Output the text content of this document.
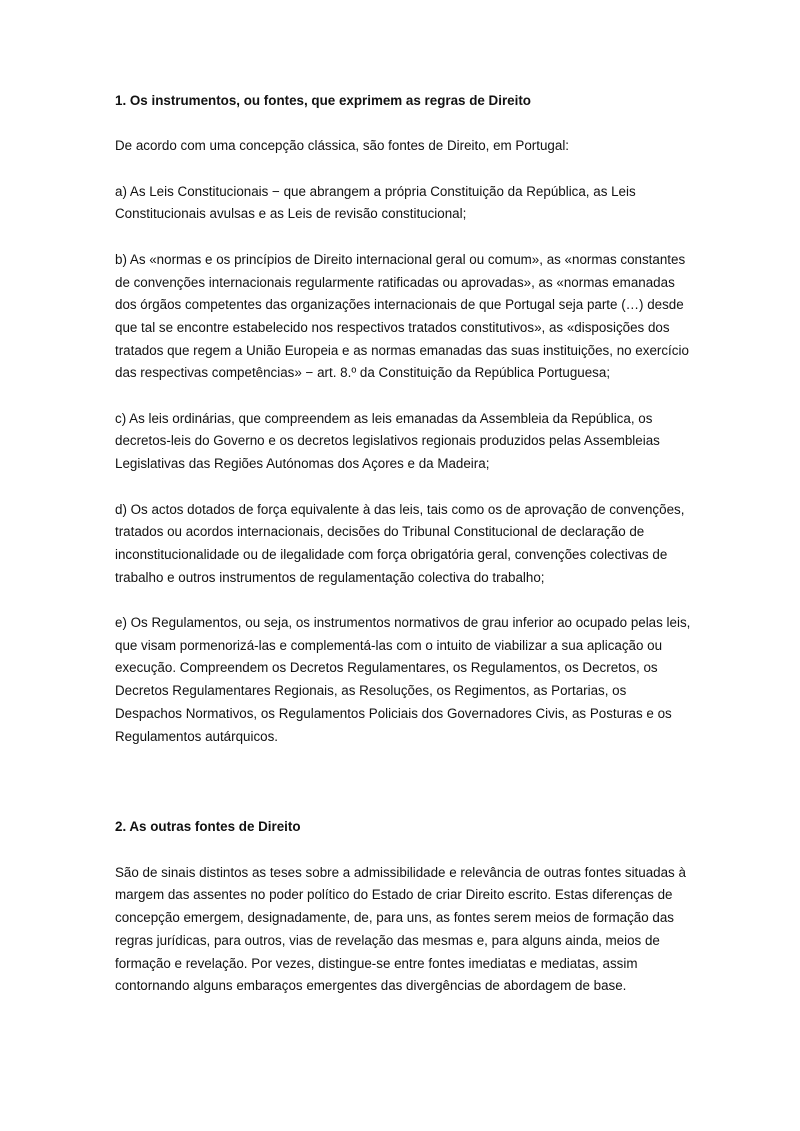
1. Os instrumentos, ou fontes, que exprimem as regras de Direito

De acordo com uma concepção clássica, são fontes de Direito, em Portugal:

a) As Leis Constitucionais − que abrangem a própria Constituição da República, as Leis Constitucionais avulsas e as Leis de revisão constitucional;

b) As «normas e os princípios de Direito internacional geral ou comum», as «normas constantes de convenções internacionais regularmente ratificadas ou aprovadas», as «normas emanadas dos órgãos competentes das organizações internacionais de que Portugal seja parte (…) desde que tal se encontre estabelecido nos respectivos tratados constitutivos», as «disposições dos tratados que regem a União Europeia e as normas emanadas das suas instituições, no exercício das respectivas competências» − art. 8.º da Constituição da República Portuguesa;

c) As leis ordinárias, que compreendem as leis emanadas da Assembleia da República, os decretos-leis do Governo e os decretos legislativos regionais produzidos pelas Assembleias Legislativas das Regiões Autónomas dos Açores e da Madeira;

d) Os actos dotados de força equivalente à das leis, tais como os de aprovação de convenções, tratados ou acordos internacionais, decisões do Tribunal Constitucional de declaração de inconstitucionalidade ou de ilegalidade com força obrigatória geral, convenções colectivas de trabalho e outros instrumentos de regulamentação colectiva do trabalho;

e) Os Regulamentos, ou seja, os instrumentos normativos de grau inferior ao ocupado pelas leis, que visam pormenorizá-las e complementá-las com o intuito de viabilizar a sua aplicação ou execução. Compreendem os Decretos Regulamentares, os Regulamentos, os Decretos, os Decretos Regulamentares Regionais, as Resoluções, os Regimentos, as Portarias, os Despachos Normativos, os Regulamentos Policiais dos Governadores Civis, as Posturas e os Regulamentos autárquicos.

2. As outras fontes de Direito

São de sinais distintos as teses sobre a admissibilidade e relevância de outras fontes situadas à margem das assentes no poder político do Estado de criar Direito escrito. Estas diferenças de concepção emergem, designadamente, de, para uns, as fontes serem meios de formação das regras jurídicas, para outros, vias de revelação das mesmas e, para alguns ainda, meios de formação e revelação. Por vezes, distingue-se entre fontes imediatas e mediatas, assim contornando alguns embaraços emergentes das divergências de abordagem de base.
